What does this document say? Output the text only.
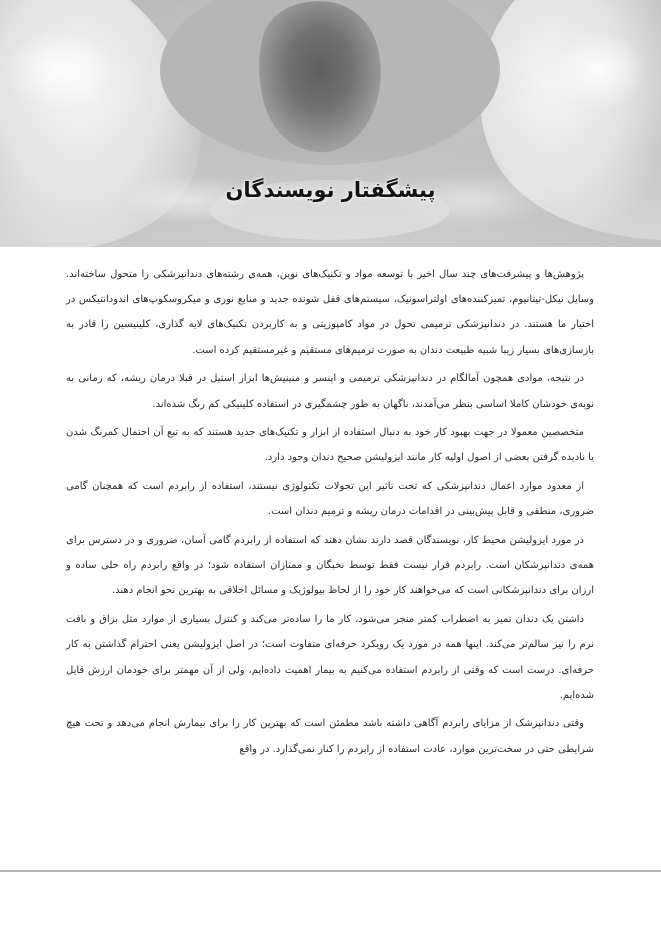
پیشگفتار نویسندگان

پژوهش‌ها و پیشرفت‌های چند سال اخیر با توسعه مواد و تکنیک‌های نوین، همه‌ی رشته‌های دندانپزشکی را متحول ساخته‌اند. وسایل نیکل-تیتانیوم، تمیزکننده‌های اولتراسونیک، سیستم‌های قفل شونده جدید و منابع نوری و میکروسکوپ‌های اندودانتیکس در اختیار ما هستند. در دندانپزشکی ترمیمی تحول در مواد کامپوزیتی و به کاربردن تکنیک‌های لایه گذاری، کلینیسین را قادر به بازسازی‌های بسیار زیبا شبیه طبیعت دندان به صورت ترمیم‌های مستقیم و غیرمستقیم کرده است.

در نتیجه، موادی همچون آمالگام در دندانپزشکی ترمیمی و اپنسر و منینیش‌ها ابزار استیل در قبلا درمان ریشه، که زمانی به نوبه‌ی خودشان کاملا اساسی بنظر می‌آمدند، ناگهان به طور چشمگیری در استفاده کلینیکی کم رنگ شده‌اند.

متخصصین معمولا در جهت بهبود کار خود به دنبال استفاده از ابزار و تکنیک‌های جدید هستند که به تبع آن احتمال کمرنگ شدن یا نادیده گرفتن بعضی از اصول اولیه کار مانند ایزولیشن صحیح دندان وجود دارد.

از معدود موارد اعمال دندانپزشکی که تحت تاثیر این تحولات تکنولوژی نیستند، استفاده از رابردم است که همچنان گامی ضروری، منطقی و قابل پیش‌بینی در اقدامات درمان ریشه و ترمیم دندان است.

در مورد ایزولیشن محیط کار، نویسندگان قصد دارند نشان دهند که استفاده از رابردم گامی آسان، ضروری و در دسترس برای همه‌ی دندانپزشکان است. رابردم فرار نیست فقط توسط نخبگان و ممتازان استفاده شود؛ در واقع رابردم راه حلی ساده و ارزان برای دندانپزشکانی است که می‌خواهند کار خود را از لحاظ بیولوژیک و مسائل اخلاقی به بهترین نحو انجام دهند.

داشتن یک دندان تمیز به اضطراب کمتر منجر می‌شود، کار ما را ساده‌تر می‌کند و کنترل بسیاری از موارد مثل بزاق و بافت نرم را نیز سالم‌تر می‌کند. اینها همه در مورد یک رویکرد حرفه‌ای متفاوت است؛ در اصل ایزولیشن یعنی احترام گذاشتن به کار حرفه‌ای. درست است که وقتی از رابردم استفاده می‌کنیم به بیمار اهمیت داده‌ایم، ولی از آن مهمتر برای خودمان ارزش قایل شده‌ایم.

وقتی دندانپزشک از مزایای رابردم آگاهی داشته باشد مطمئن است که بهترین کار را برای بیمارش انجام می‌دهد و تحت هیچ شرایطی حتی در سخت‌ترین موارد، عادت استفاده از رابردم را کنار نمی‌گذارد. در واقع
